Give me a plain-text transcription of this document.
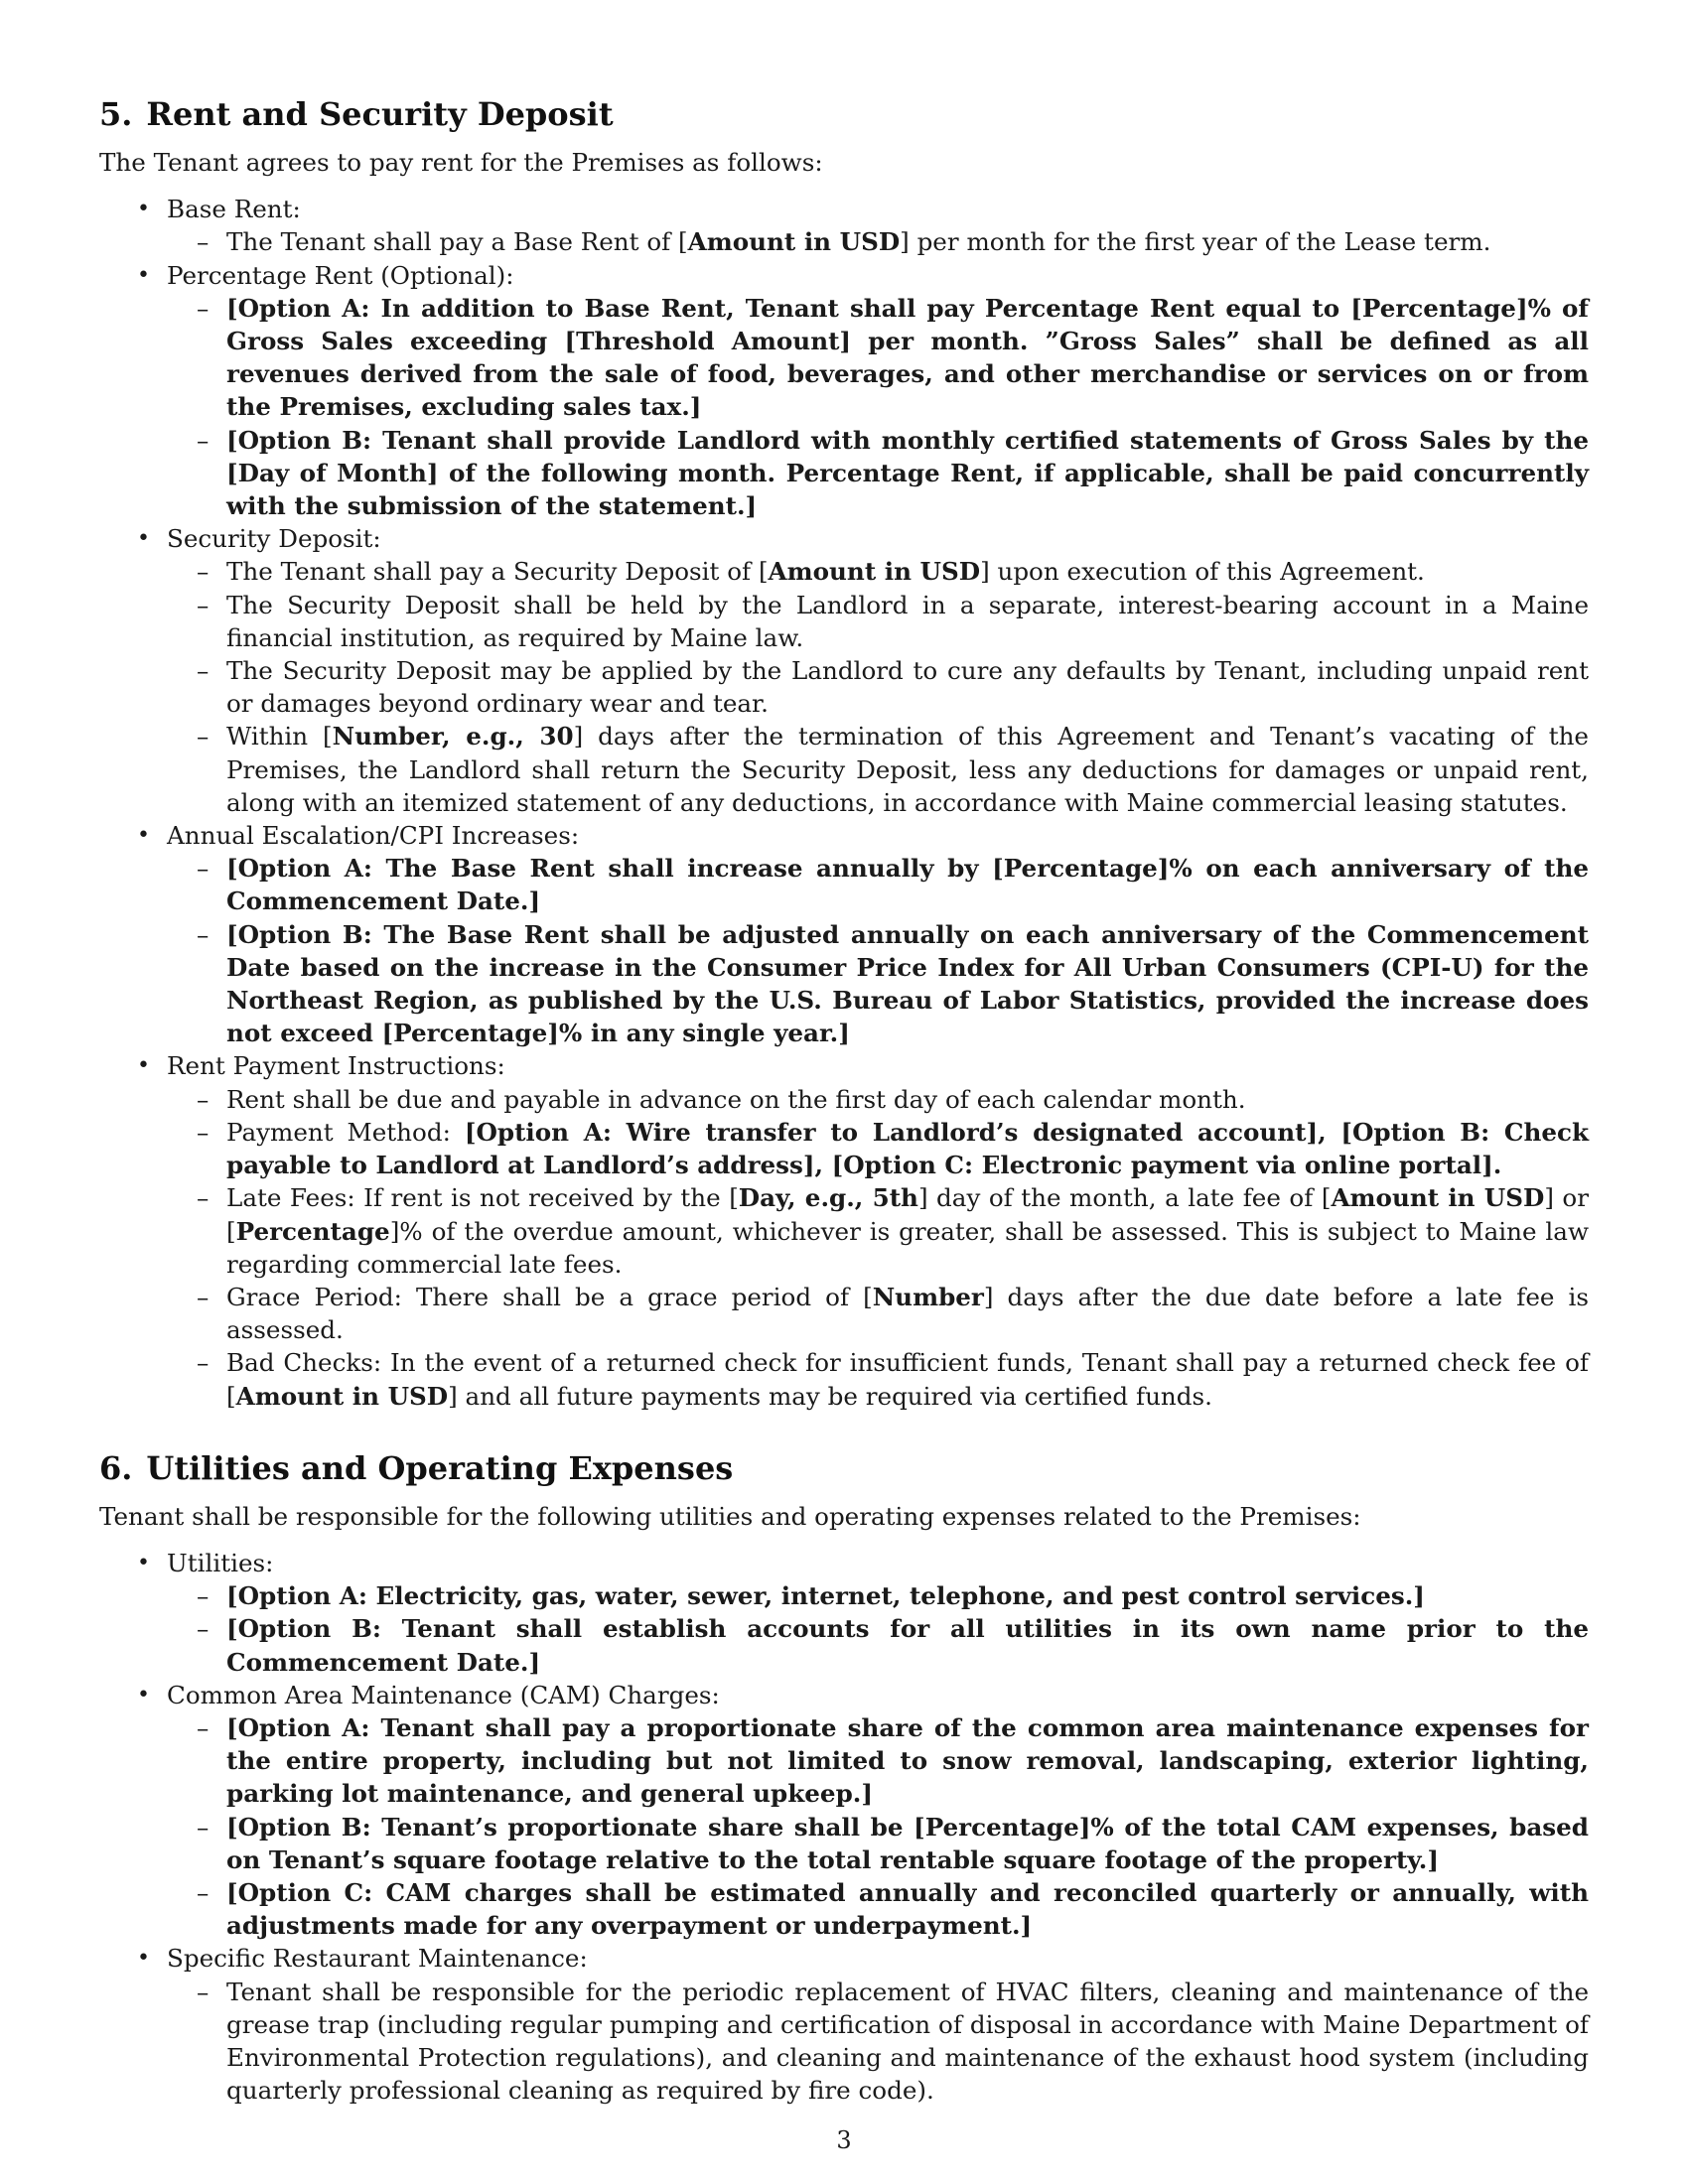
5. Rent and Security Deposit

The Tenant agrees to pay rent for the Premises as follows:

• Base Rent:
– The Tenant shall pay a Base Rent of [Amount in USD] per month for the first year of the Lease term.
• Percentage Rent (Optional):
– [Option A: In addition to Base Rent, Tenant shall pay Percentage Rent equal to [Percentage]% of Gross Sales exceeding [Threshold Amount] per month. ”Gross Sales” shall be defined as all revenues derived from the sale of food, beverages, and other merchandise or services on or from the Premises, excluding sales tax.]
– [Option B: Tenant shall provide Landlord with monthly certified statements of Gross Sales by the [Day of Month] of the following month. Percentage Rent, if applicable, shall be paid concurrently with the submission of the statement.]
• Security Deposit:
– The Tenant shall pay a Security Deposit of [Amount in USD] upon execution of this Agreement.
– The Security Deposit shall be held by the Landlord in a separate, interest-bearing account in a Maine financial institution, as required by Maine law.
– The Security Deposit may be applied by the Landlord to cure any defaults by Tenant, including unpaid rent or damages beyond ordinary wear and tear.
– Within [Number, e.g., 30] days after the termination of this Agreement and Tenant’s vacating of the Premises, the Landlord shall return the Security Deposit, less any deductions for damages or unpaid rent, along with an itemized statement of any deductions, in accordance with Maine commercial leasing statutes.
• Annual Escalation/CPI Increases:
– [Option A: The Base Rent shall increase annually by [Percentage]% on each anniversary of the Commencement Date.]
– [Option B: The Base Rent shall be adjusted annually on each anniversary of the Commencement Date based on the increase in the Consumer Price Index for All Urban Consumers (CPI-U) for the Northeast Region, as published by the U.S. Bureau of Labor Statistics, provided the increase does not exceed [Percentage]% in any single year.]
• Rent Payment Instructions:
– Rent shall be due and payable in advance on the first day of each calendar month.
– Payment Method: [Option A: Wire transfer to Landlord’s designated account], [Option B: Check payable to Landlord at Landlord’s address], [Option C: Electronic payment via online portal].
– Late Fees: If rent is not received by the [Day, e.g., 5th] day of the month, a late fee of [Amount in USD] or [Percentage]% of the overdue amount, whichever is greater, shall be assessed. This is subject to Maine law regarding commercial late fees.
– Grace Period: There shall be a grace period of [Number] days after the due date before a late fee is assessed.
– Bad Checks: In the event of a returned check for insufficient funds, Tenant shall pay a returned check fee of [Amount in USD] and all future payments may be required via certified funds.
6. Utilities and Operating Expenses

Tenant shall be responsible for the following utilities and operating expenses related to the Premises:

• Utilities:
– [Option A: Electricity, gas, water, sewer, internet, telephone, and pest control services.]
– [Option B: Tenant shall establish accounts for all utilities in its own name prior to the Commencement Date.]
• Common Area Maintenance (CAM) Charges:
– [Option A: Tenant shall pay a proportionate share of the common area maintenance expenses for the entire property, including but not limited to snow removal, landscaping, exterior lighting, parking lot maintenance, and general upkeep.]
– [Option B: Tenant’s proportionate share shall be [Percentage]% of the total CAM expenses, based on Tenant’s square footage relative to the total rentable square footage of the property.]
– [Option C: CAM charges shall be estimated annually and reconciled quarterly or annually, with adjustments made for any overpayment or underpayment.]
• Specific Restaurant Maintenance:
– Tenant shall be responsible for the periodic replacement of HVAC filters, cleaning and maintenance of the grease trap (including regular pumping and certification of disposal in accordance with Maine Department of Environmental Protection regulations), and cleaning and maintenance of the exhaust hood system (including quarterly professional cleaning as required by fire code).
3
